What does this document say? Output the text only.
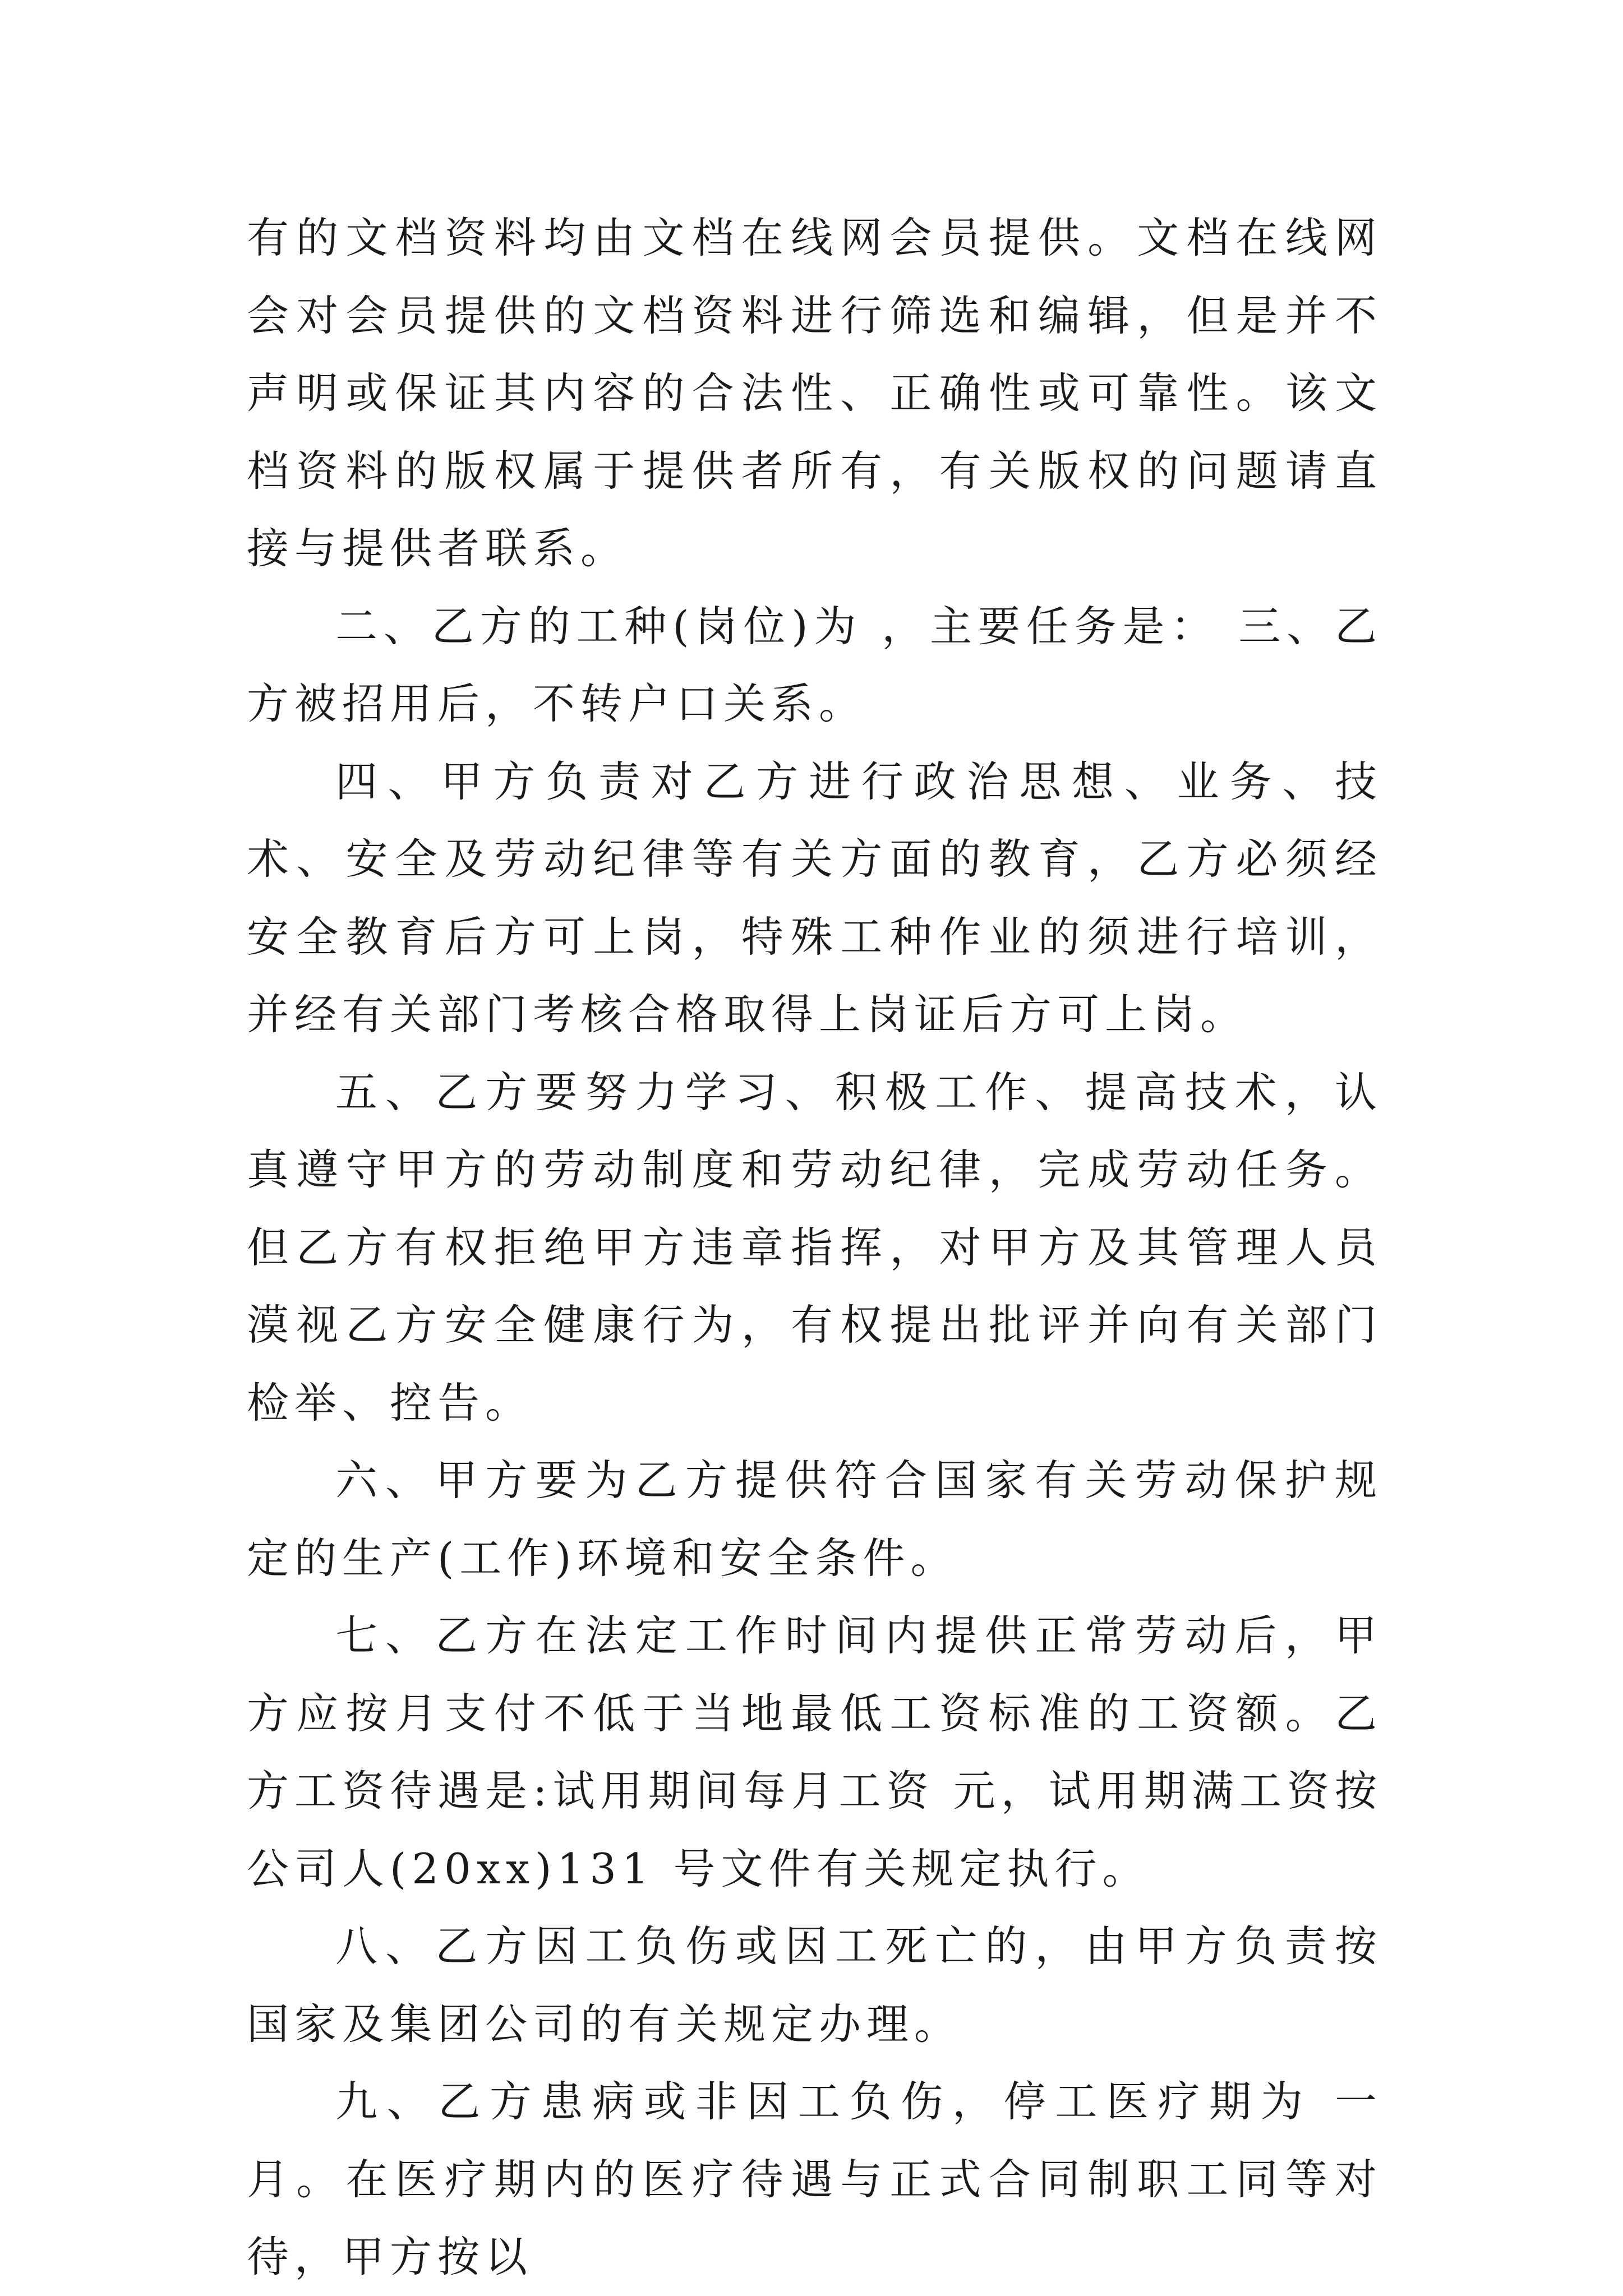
有的文档资料均由文档在线网会员提供。文档在线网会对会员提供的文档资料进行筛选和编辑，但是并不声明或保证其内容的合法性、正确性或可靠性。该文档资料的版权属于提供者所有，有关版权的问题请直接与提供者联系。

二、乙方的工种(岗位)为 ，主要任务是： 三、乙方被招用后，不转户口关系。

四、甲方负责对乙方进行政治思想、业务、技术、安全及劳动纪律等有关方面的教育，乙方必须经安全教育后方可上岗，特殊工种作业的须进行培训，并经有关部门考核合格取得上岗证后方可上岗。

五、乙方要努力学习、积极工作、提高技术，认真遵守甲方的劳动制度和劳动纪律，完成劳动任务。但乙方有权拒绝甲方违章指挥，对甲方及其管理人员漠视乙方安全健康行为，有权提出批评并向有关部门检举、控告。

六、甲方要为乙方提供符合国家有关劳动保护规定的生产(工作)环境和安全条件。

七、乙方在法定工作时间内提供正常劳动后，甲方应按月支付不低于当地最低工资标准的工资额。乙方工资待遇是:试用期间每月工资 元，试用期满工资按公司人(20xx)131 号文件有关规定执行。

八、乙方因工负伤或因工死亡的，由甲方负责按国家及集团公司的有关规定办理。

九、乙方患病或非因工负伤，停工医疗期为 一 月。在医疗期内的医疗待遇与正式合同制职工同等对待，甲方按以
